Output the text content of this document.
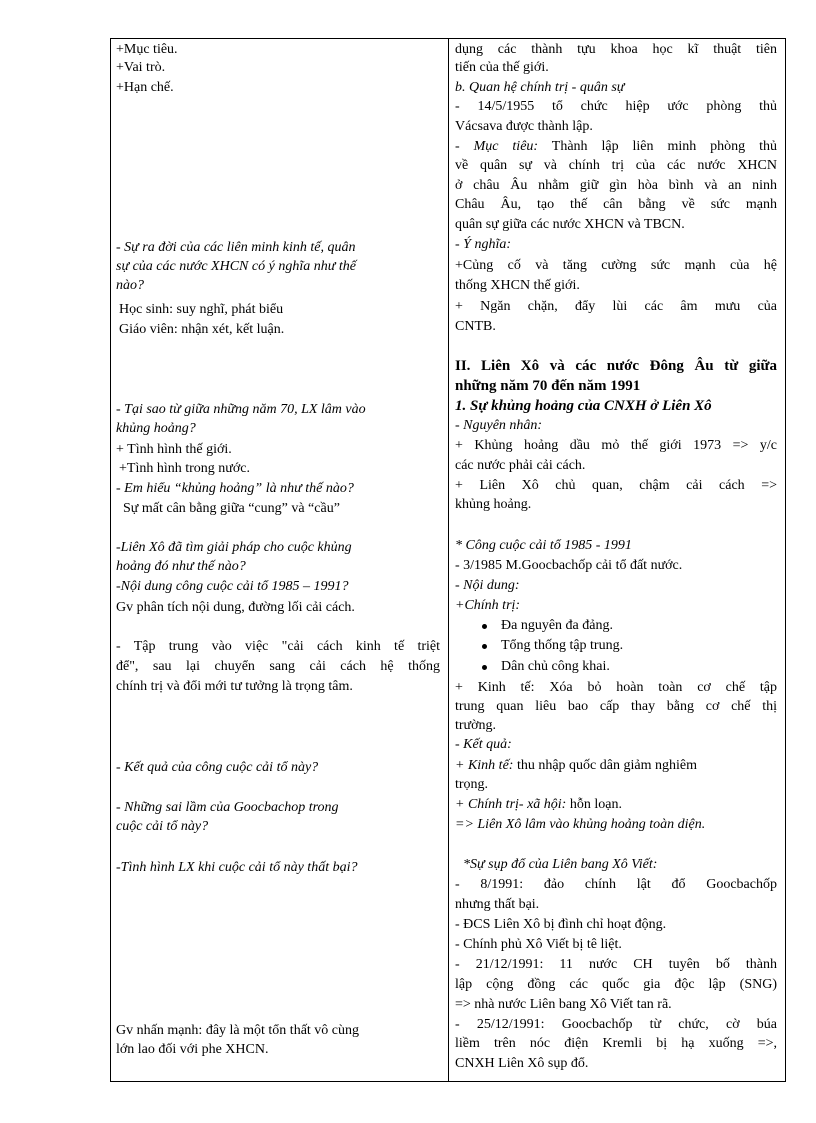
+Mục tiêu.
+Vai trò.
+Hạn chế.
- Sự ra đời của các liên minh kinh tế, quân
sự của các nước XHCN có ý nghĩa như thế
nào?
Học sinh: suy nghĩ, phát biểu
Giáo viên: nhận xét, kết luận.
- Tại sao từ giữa những năm 70, LX lâm vào
khủng hoảng?
+ Tình hình thế giới.
+Tình hình trong nước.
- Em hiểu “khủng hoảng” là như thế nào?
Sự mất cân bằng giữa “cung” và “cầu”
-Liên Xô đã tìm giải pháp cho cuộc khủng
hoảng đó như thế nào?
-Nội dung công cuộc cải tổ 1985 – 1991?
Gv phân tích nội dung, đường lối cải cách.
- Tập trung vào việc "cải cách kinh tế triệt
để", sau lại chuyển sang cải cách hệ thống
chính trị và đổi mới tư tưởng là trọng tâm.
- Kết quả của công cuộc cải tổ này?
- Những sai lầm của Goocbachop trong
cuộc cải tổ này?
-Tình hình LX khi cuộc cải tổ này thất bại?
Gv nhấn mạnh: đây là một tổn thất vô cùng
lớn lao đối với phe XHCN.
dụng các thành tựu khoa học kĩ thuật tiên
tiến của thế giới.
b. Quan hệ chính trị - quân sự
- 14/5/1955 tổ chức hiệp ước phòng thủ
Vácsava được thành lập.
- Mục tiêu: Thành lập liên minh phòng thủ
về quân sự và chính trị của các nước XHCN
ở châu Âu nhằm giữ gìn hòa bình và an ninh
Châu Âu, tạo thế cân bằng về sức mạnh
quân sự giữa các nước XHCN và TBCN.
- Ý nghĩa:
+Củng cố và tăng cường sức mạnh của hệ
thống XHCN thế giới.
+ Ngăn chặn, đẩy lùi các âm mưu của
CNTB.
II. Liên Xô và các nước Đông Âu từ giữa
những năm 70 đến năm 1991
1. Sự khủng hoảng của CNXH ở Liên Xô
- Nguyên nhân:
+ Khủng hoảng dầu mỏ thế giới 1973 => y/c
các nước phải cải cách.
+ Liên Xô chủ quan, chậm cải cách =>
khủng hoảng.
* Công cuộc cải tổ 1985 - 1991
- 3/1985 M.Goocbachốp cải tổ đất nước.
- Nội dung:
+Chính trị:
Đa nguyên đa đảng.
Tổng thống tập trung.
Dân chủ công khai.
+ Kinh tế: Xóa bỏ hoàn toàn cơ chế tập
trung quan liêu bao cấp thay bằng cơ chế thị
trường.
- Kết quả:
+ Kinh tế: thu nhập quốc dân giảm nghiêm
trọng.
+ Chính trị- xã hội: hỗn loạn.
=> Liên Xô lâm vào khủng hoảng toàn diện.
*Sự sụp đổ của Liên bang Xô Viết:
- 8/1991: đảo chính lật đổ Goocbachốp
nhưng thất bại.
- ĐCS Liên Xô bị đình chỉ hoạt động.
- Chính phủ Xô Viết bị tê liệt.
- 21/12/1991: 11 nước CH tuyên bố thành
lập cộng đồng các quốc gia độc lập (SNG)
=> nhà nước Liên bang Xô Viết tan rã.
- 25/12/1991: Goocbachốp từ chức, cờ búa
liềm trên nóc điện Kremli bị hạ xuống =>,
CNXH Liên Xô sụp đổ.
